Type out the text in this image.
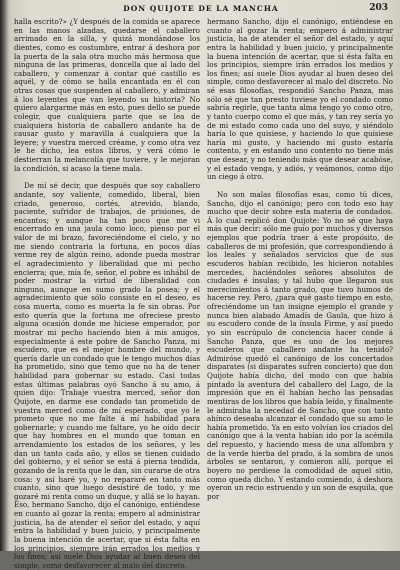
DON QUIJOTE DE LA MANCHA	203

halla escrito?» ¿Y después de la comida se aparece en las manos alzadas, quedarse el caballero arrimado en la silla, y quizá mondándose los dientes, como es costumbre, entrar á deshora por la puerta de la sala otra mucho más hermosa que ninguna de las primeras, doncella que al lado del caballero, y comenzar á contar qué castillo es aquél, y de cómo se halla encantada en él con otras cosas que suspenden al caballero, y admiran á los leyentes que van leyendo su historia? No quiero alargarme más en esto, pues dello se puede colegir, que cualquiera parte que se lea de cualquiera historia de caballero andante ha de causar gusto y maravilla á cualquiera que la leyere; y vuestra merced créame, y como otra vez le he dicho, lea estos libros, y verá cómo le destierran la melancolía que tuviere, y le mejoran la condición, si acaso la tiene mala.

De mí sé decir, que después que soy caballero andante, soy valiente, comedido, liberal, bien criado, generoso, cortés, atrevido, blando, paciente, sufridor de trabajos, de prisiones, de encantos; y aunque ha tan poco que me vi encerrado en una jaula como loco, pienso por el valor de mi brazo, favoreciéndome el cielo, y no me siendo contraria la fortuna, en pocos días verme rey de algún reino, adonde pueda mostrar el agradecimiento y liberalidad que mi pecho encierra; que, mía fe, señor, el pobre es inhábil de poder mostrar la virtud de liberalidad con ninguno, aunque en sumo grado la posea; y el agradecimiento que sólo consiste en el deseo, es cosa muerta, como es muerta la fe sin obras. Por esto quería que la fortuna me ofreciese presto alguna ocasión donde me hiciese emperador, por mostrar mi pecho haciendo bien á mis amigos, especialmente á este pobre de Sancho Panza, mi escudero, que es el mejor hombre del mundo, y quería darle un condado que le tengo muchos días ha prometido, sino que temo que no ha de tener habilidad para gobernar su estado. Casi todas estas últimas palabras oyó Sancho á su amo, á quien dijo: Trabaje vuestra merced, señor don Quijote, en darme ese condado tan prometido de vuestra merced como de mí esperado, que yo le prometo que no me falte á mí habilidad para gobernarle; y cuando me faltare, yo he oído decir que hay hombres en el mundo que toman en arrendamiento los estados de los señores, y les dan un tanto cada año, y ellos se tienen cuidado del gobierno, y el señor se está á pierna tendida, gozando de la renta que le dan, sin curarse de otra cosa: y así haré yo, y no repararé en tanto más cuanto, sino que luego desistiré de todo, y me gozaré mi renta como un duque, y allá se lo hayan. Eso, hermano Sancho, dijo el canónigo, entiéndese en cuanto al gozar la renta; empero al administrar justicia, ha de atender el señor del estado, y aquí entra la habilidad y buen juicio, y principalmente la buena intención de acertar, que si ésta falta en los principios, siempre irán errados los medios y los fines; así suele Dios ayudar al buen deseo del simple, como desfavorecer al malo del discreto.

hermano Sancho, dijo el canónigo, entiéndese en cuanto al gozar la renta; empero á administrar justicia, ha de atender el señor del estado, y aquí entra la habilidad y buen juicio, y principalmente la buena intención de acertar, que si ésta falta en los principios, siempre irán errados los medios y los fines; así suele Dios ayudar al buen deseo del simple, como desfavorecer al malo del discreto. No sé esas filosofías, respondió Sancho Panza, mas sólo sé que tan presto tuviese yo el condado como sabría regirle, que tanta alma tengo yo como otro, y tanto cuerpo como el que más, y tan rey sería yo de mi estado como cada uno del suyo, y siéndolo haría lo que quisiese, y haciendo lo que quisiese haría mi gusto, y haciendo mi gusto estaría contento, y en estando uno contento no tiene más que desear, y no teniendo más que desear acabóse, y el estado venga, y adiós, y veámonos, como dijo un ciego á otro.

No son malas filosofías esas, como tú dices, Sancho, dijo el canónigo; pero con todo eso hay mucho que decir sobre esta materia de condados. Á lo cual replicó don Quijote: Yo no sé que haya más que decir: sólo me guío por muchos y diversos ejemplos que podría traer á este propósito, de caballeros de mi profesión, que correspondiendo á los leales y señalados servicios que de sus escuderos habían recibido, les hicieron notables mercedes, haciéndoles señores absolutos de ciudades é ínsulas; y tal hubo que llegaron sus merecimientos á tanto grado, que tuvo humos de hacerse rey. Pero, ¿para qué gasto tiempo en esto, ofreciéndome un tan insigne ejemplo el grande y nunca bien alabado Amadís de Gaula, que hizo á su escudero conde de la ínsula Firme, y así puedo yo sin escrúpulo de conciencia hacer conde á Sancho Panza, que es uno de los mejores escuderos que caballero andante ha tenido? Admiróse quedó el canónigo de los concertados disparates (si disparates sufren concierto) que don Quijote había dicho, del modo con que había pintado la aventura del caballero del Lago, de la impresión que en él habían hecho las pensadas mentiras de los libros que había leído, y finalmente le admiraba la necedad de Sancho, que con tanto ahínco deseaba alcanzar el condado que su amo le había prometido. Ya en esto volvían los criados del canónigo que á la venta habían ido por la acémila del repuesto, y haciendo mesa de una alfombra y de la verde hierba del prado, á la sombra de unos árboles se sentaron, y comieron allí, porque el boyero no perdiese la comodidad de aquel sitio, como queda dicho. Y estando comiendo, á deshora oyeron un recio estruendo y un son de esquila, que por
